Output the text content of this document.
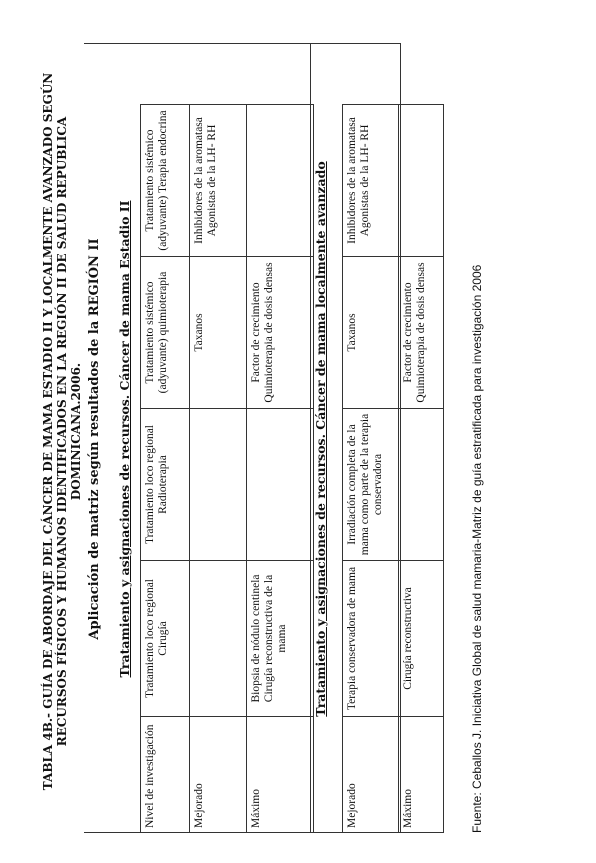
TABLA 4B.- GUÍA DE ABORDAJE DEL CÁNCER DE MAMA ESTADIO II Y LOCALMENTE AVANZADO SEGÚN RECURSOS FÍSICOS Y HUMANOS IDENTIFICADOS EN LA REGIÓN II DE SALUD REPUBLICA DOMINICANA.2006. Aplicación de matriz según resultados de la REGIÓN II Tratamiento y asignaciones de recursos. Cáncer de mama Estadio II
Nivel de investigación	Tratamiento loco regional Cirugía	Tratamiento loco regional Radioterapia	Tratamiento sistémico (adyuvante) quimioterapia	Tratamiento sistémico (adyuvante) Terapia endocrina
Mejorado			Taxanos	Inhibidores de la aromatasa Agonistas de la LH- RH
Máximo	Biopsia de nódulo centinela Cirugía reconstructiva de la mama		Factor de crecimiento Quimioterapia de dosis densas		Tratamiento y asignaciones de recursos. Cáncer de mama localmente avanzado
Mejorado	Terapia conservadora de mama	Irradiación completa de la mama como parte de la terapia conservadora	Taxanos	Inhibidores de la aromatasa Agonistas de la LH- RH
Máximo	Cirugía reconstructiva		Factor de crecimiento Quimioterapia de dosis densas		Fuente: Ceballos J. Iniciativa Global de salud mamaria-Matriz de guía estratificada para investigación 2006
